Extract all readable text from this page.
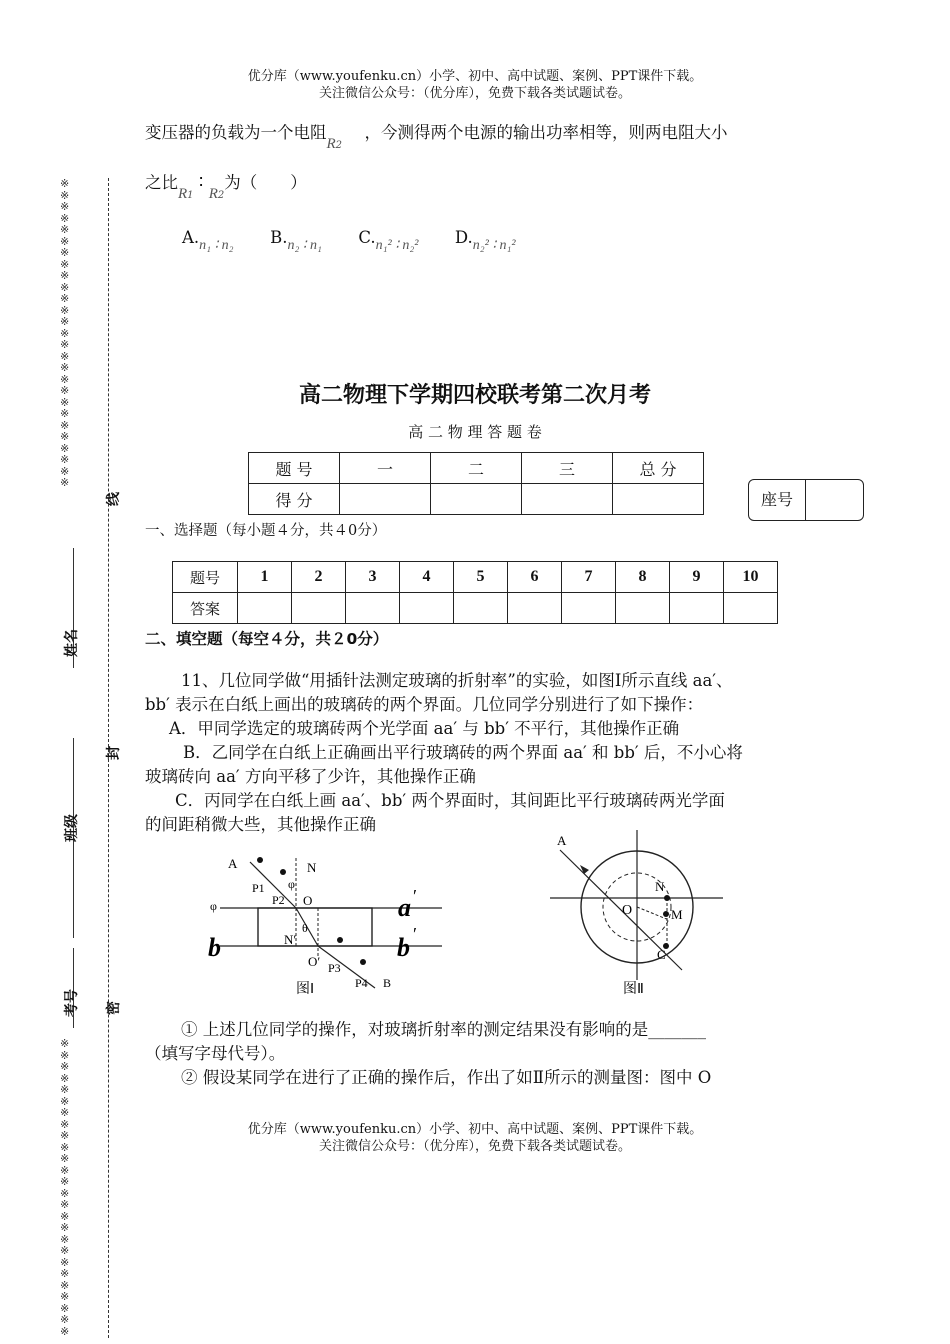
优分库（www.youfenku.cn）小学、初中、高中试题、案例、PPT课件下载。
关注微信公众号：（优分库），免费下载各类试题试卷。
※
※
※
※
※
※
※
※
※
※
※
※
※
※
※
※
※
※
※
※
※
※
※
※
※
※
※
※
※
※
※
※
※
※
※
※
※
※
※
※
※
※
※
※
※
※
※
※
※
※
※
※
※
线
姓名
封
班级
考号 密
变压器的负载为一个电阻R2，今测得两个电源的输出功率相等，则两电阻大小
之比R1 ∶ R2为（　　）
$A._{n_1 ∶ n_2}$ $B._{n_2 ∶ n_1}$ $C._{n_1^2 ∶ n_2^2}$ $D._{n_2^2 ∶ n_1^2}$
高二物理下学期四校联考第二次月考
高 二 物 理 答 题 卷
题 号	一	二	三	总 分
得 分					座号
一、选择题（每小题４分，共４0分）
题号	1	2	3	4	5	6	7	8	9	10
答案										
二、填空题（每空４分，共２0分）
11、几位同学做“用插针法测定玻璃的折射率”的实验，如图Ⅰ所示直线 aa′、
bb′ 表示在白纸上画出的玻璃砖的两个界面。几位同学分别进行了如下操作：
A．甲同学选定的玻璃砖两个光学面 aa′ 与 bb′ 不平行，其他操作正确
B．乙同学在白纸上正确画出平行玻璃砖的两个界面 aa′ 和 bb′ 后，不小心将
玻璃砖向 aa′ 方向平移了少许，其他操作正确
C．丙同学在白纸上画 aa′、bb′ 两个界面时，其间距比平行玻璃砖两光学面
的间距稍微大些，其他操作正确
A	N
φ
φ
P1
P2 O
N′
θ
O′ P3
P4 B
a ′
b	b ′
图Ⅰ
A
N
O	M
C
图Ⅱ
① 上述几位同学的操作，对玻璃折射率的测定结果没有影响的是_______
（填写字母代号）。
② 假设某同学在进行了正确的操作后，作出了如Ⅱ所示的测量图：图中 O
优分库（www.youfenku.cn）小学、初中、高中试题、案例、PPT课件下载。
关注微信公众号：（优分库），免费下载各类试题试卷。
